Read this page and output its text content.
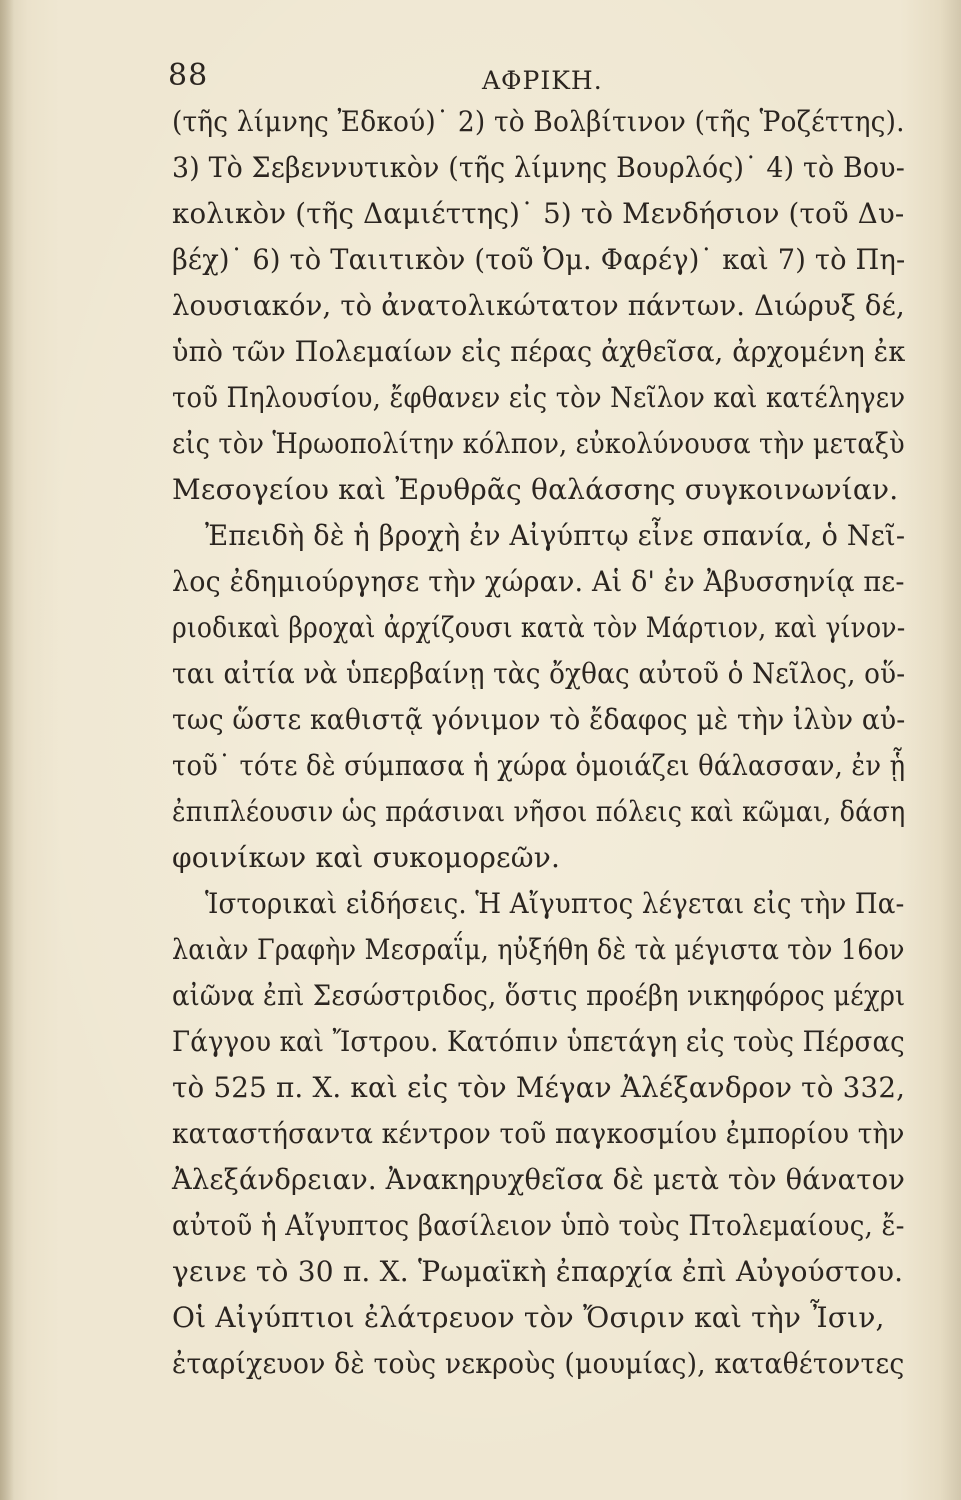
88	ΑΦΡΙΚΗ.
(τῆς λίμνης Ἐδκού)˙ 2) τὸ Βολβίτινον (τῆς Ῥοζέττης).
3) Τὸ Σεβεννυτικὸν (τῆς λίμνης Βουρλός)˙ 4) τὸ Βου-
κολικὸν (τῆς Δαμιέττης)˙ 5) τὸ Μενδήσιον (τοῦ Δυ-
βέχ)˙ 6) τὸ Ταιιτικὸν (τοῦ Ὀμ. Φαρέγ)˙ καὶ 7) τὸ Πη-
λουσιακόν, τὸ ἀνατολικώτατον πάντων. Διώρυξ δέ,
ὑπὸ τῶν Πολεμαίων εἰς πέρας ἀχθεῖσα, ἀρχομένη ἐκ
τοῦ Πηλουσίου, ἔφθανεν εἰς τὸν Νεῖλον καὶ κατέληγεν
εἰς τὸν Ἡρωοπολίτην κόλπον, εὐκολύνουσα τὴν μεταξὺ
Μεσογείου καὶ Ἐρυθρᾶς θαλάσσης συγκοινωνίαν.
Ἐπειδὴ δὲ ἡ βροχὴ ἐν Αἰγύπτῳ εἶνε σπανία, ὁ Νεῖ-
λος ἐδημιούργησε τὴν χώραν. Αἱ δ' ἐν Ἀβυσσηνίᾳ πε-
ριοδικαὶ βροχαὶ ἀρχίζουσι κατὰ τὸν Μάρτιον, καὶ γίνον-
ται αἰτία νὰ ὑπερβαίνῃ τὰς ὄχθας αὐτοῦ ὁ Νεῖλος, οὕ-
τως ὥστε καθιστᾷ γόνιμον τὸ ἔδαφος μὲ τὴν ἰλὺν αὐ-
τοῦ˙ τότε δὲ σύμπασα ἡ χώρα ὁμοιάζει θάλασσαν, ἐν ᾗ
ἐπιπλέουσιν ὡς πράσιναι νῆσοι πόλεις καὶ κῶμαι, δάση
φοινίκων καὶ συκομορεῶν.
Ἱστορικαὶ εἰδήσεις. Ἡ Αἴγυπτος λέγεται εἰς τὴν Πα-
λαιὰν Γραφὴν Μεσραΐμ, ηὐξήθη δὲ τὰ μέγιστα τὸν 16ον
αἰῶνα ἐπὶ Σεσώστριδος, ὅστις προέβη νικηφόρος μέχρι
Γάγγου καὶ Ἴστρου. Κατόπιν ὑπετάγη εἰς τοὺς Πέρσας
τὸ 525 π. Χ. καὶ εἰς τὸν Μέγαν Ἀλέξανδρον τὸ 332,
καταστήσαντα κέντρον τοῦ παγκοσμίου ἐμπορίου τὴν
Ἀλεξάνδρειαν. Ἀνακηρυχθεῖσα δὲ μετὰ τὸν θάνατον
αὐτοῦ ἡ Αἴγυπτος βασίλειον ὑπὸ τοὺς Πτολεμαίους, ἔ-
γεινε τὸ 30 π. Χ. Ῥωμαϊκὴ ἐπαρχία ἐπὶ Αὐγούστου.
Οἱ Αἰγύπτιοι ἐλάτρευον τὸν Ὄσιριν καὶ τὴν Ἶσιν,
ἐταρίχευον δὲ τοὺς νεκροὺς (μουμίας), καταθέτοντες
